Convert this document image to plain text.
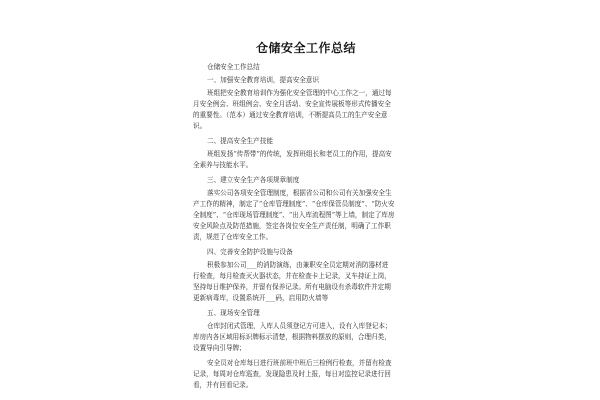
仓储安全工作总结
仓储安全工作总结
一、加强安全教育培训，提高安全意识
班组把安全教育培训作为强化安全管理的中心工作之一，通过每
月安全例会、班组例会、安全月活动、安全宣传展板等形式传播安全
的重要性。（范本）通过安全教育培训，不断提高员工的生产安全意
识。
二、提高安全生产技能
班组发扬“传帮带”的传统，发挥班组长和老员工的作用，提高安
全素养与技能水平。
三、建立安全生产各项规章制度
落实公司各项安全管理制度，根据省公司和公司有关加强安全生
产工作的精神，制定了“仓库管理制度”、“仓库保管员制度”、“防火安
全制度”、“仓库现场管理制度”、“出入库流程图”等上墙，制定了库房
安全风险点及防范措施，签定各岗位安全生产责任制，明确了工作职
责，规范了仓库安全工作。
四、完善安全防护设施与设备
积极参加公司___的消防演练，由兼职安全员定期对消防器材进
行检查，每月检查灭火器状态，并在检查卡上记录，叉车持证上岗，
坚持每日维护保养，并留有保养记录。所有电脑设有杀毒软件并定期
更新病毒库，设置系统开___码，启用防火墙等
五、现场安全管理
仓库封闭式管理，入库人员须登记方可进入，设有入库登记本；
库房内各区域用标识牌标示清楚，根据物料摆放的原则，合理归类，
设置导向引导牌；
安全员对仓库每日进行班前班中班后三检例行检查，并留有检查
记录，每周对仓库巡查，发现隐患及时上报，每日对监控记录进行回
看，并有回看记录。
